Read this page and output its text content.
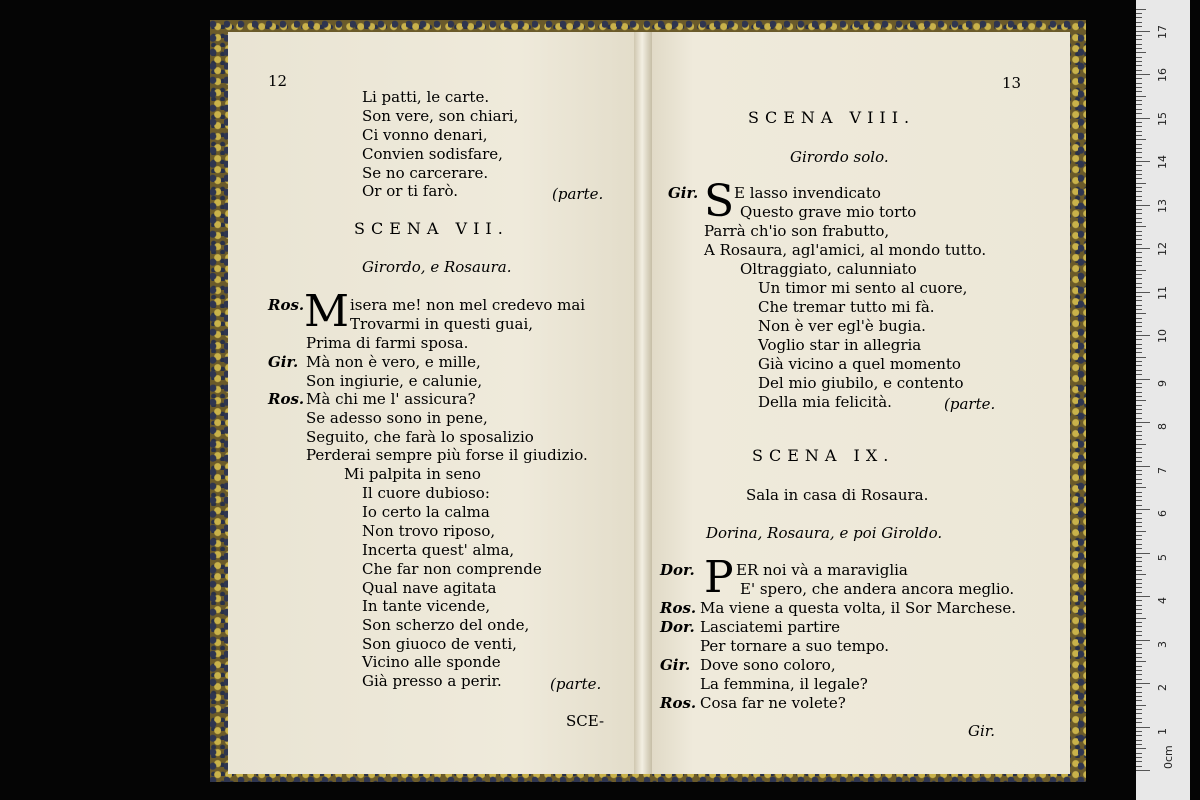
12
Li patti, le carte.
Son vere, son chiari,
Ci vonno denari,
Convien sodisfare,
Se no carcerare.
Or or ti farò.	(parte.
SCENA VII.
Girordo, e Rosaura.
Ros. M isera me! non mel credevo mai
Trovarmi in questi guai,
Prima di farmi sposa.
Gir. Mà non è vero, e mille,
Son ingiurie, e calunie,
Ros. Mà chi me l' assicura?
Se adesso sono in pene,
Seguito, che farà lo sposalizio
Perderai sempre più forse il giudizio.
Mi palpita in seno
Il cuore dubioso:
Io certo la calma
Non trovo riposo,
Incerta quest' alma,
Che far non comprende
Qual nave agitata
In tante vicende,
Son scherzo del onde,
Son giuoco de venti,
Vicino alle sponde
Già presso a perir.	(parte.
SCE-
13
SCENA VIII.
Girordo solo.
Gir. S E lasso invendicato
Questo grave mio torto
Parrà ch'io son frabutto,
A Rosaura, agl'amici, al mondo tutto.
Oltraggiato, calunniato
Un timor mi sento al cuore,
Che tremar tutto mi fà.
Non è ver egl'è bugia.
Voglio star in allegria
Già vicino a quel momento
Del mio giubilo, e contento
Della mia felicità.	(parte.
SCENA IX.
Sala in casa di Rosaura.
Dorina, Rosaura, e poi Giroldo.
Dor. P ER noi và a maraviglia
E' spero, che andera ancora meglio.
Ros. Ma viene a questa volta, il Sor Marchese.
Dor. Lasciatemi partire
Per tornare a suo tempo.
Gir. Dove sono coloro,
La femmina, il legale?
Ros. Cosa far ne volete?
Gir.
17
16
15
14
13
12
11
10
9
8
7
6
5
4
3
2
1
0cm
